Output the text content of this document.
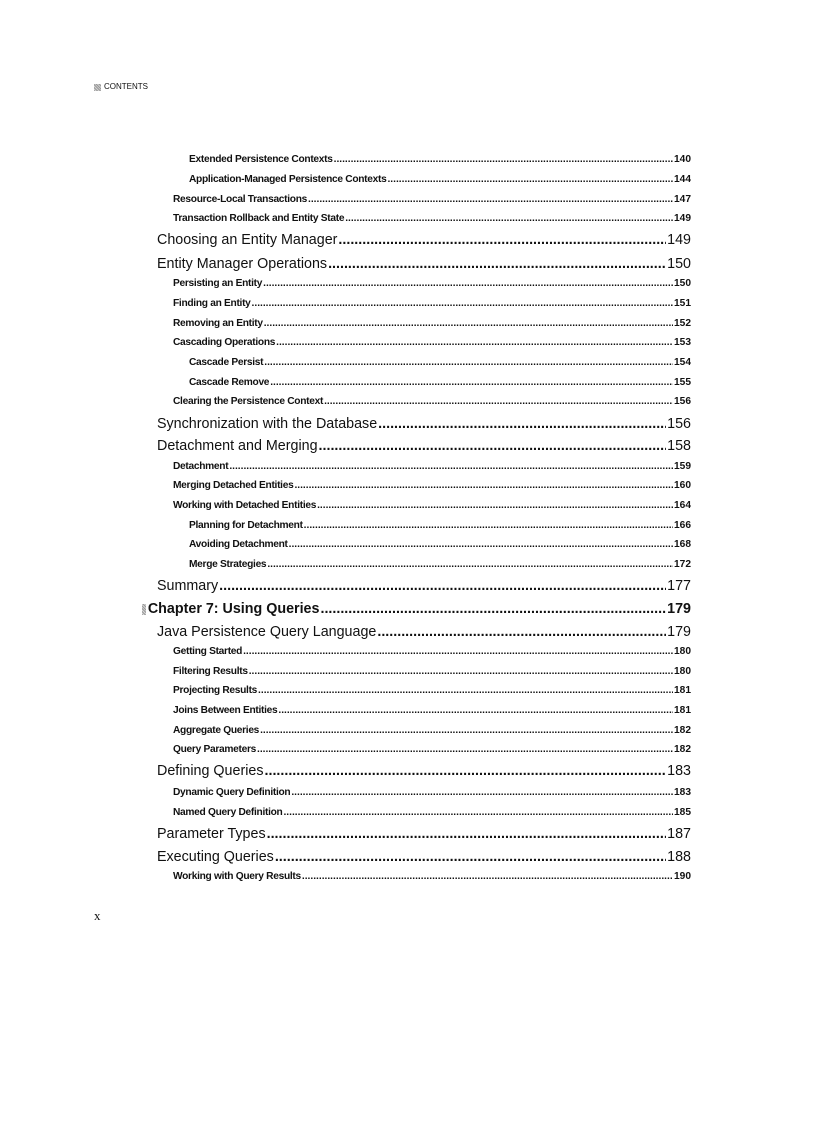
CONTENTS
Extended Persistence Contexts .....	140
Application-Managed Persistence Contexts .....	144
Resource-Local Transactions .....	147
Transaction Rollback and Entity State .....	149
Choosing an Entity Manager .....	149
Entity Manager Operations .....	150
Persisting an Entity .....	150
Finding an Entity .....	151
Removing an Entity .....	152
Cascading Operations .....	153
Cascade Persist .....	154
Cascade Remove .....	155
Clearing the Persistence Context .....	156
Synchronization with the Database .....	156
Detachment and Merging .....	158
Detachment .....	159
Merging Detached Entities .....	160
Working with Detached Entities .....	164
Planning for Detachment .....	166
Avoiding Detachment .....	168
Merge Strategies .....	172
Summary .....	177
Chapter 7: Using Queries .....	179
Java Persistence Query Language .....	179
Getting Started .....	180
Filtering Results .....	180
Projecting Results .....	181
Joins Between Entities .....	181
Aggregate Queries .....	182
Query Parameters .....	182
Defining Queries .....	183
Dynamic Query Definition .....	183
Named Query Definition .....	185
Parameter Types .....	187
Executing Queries .....	188
Working with Query Results .....	190
x
